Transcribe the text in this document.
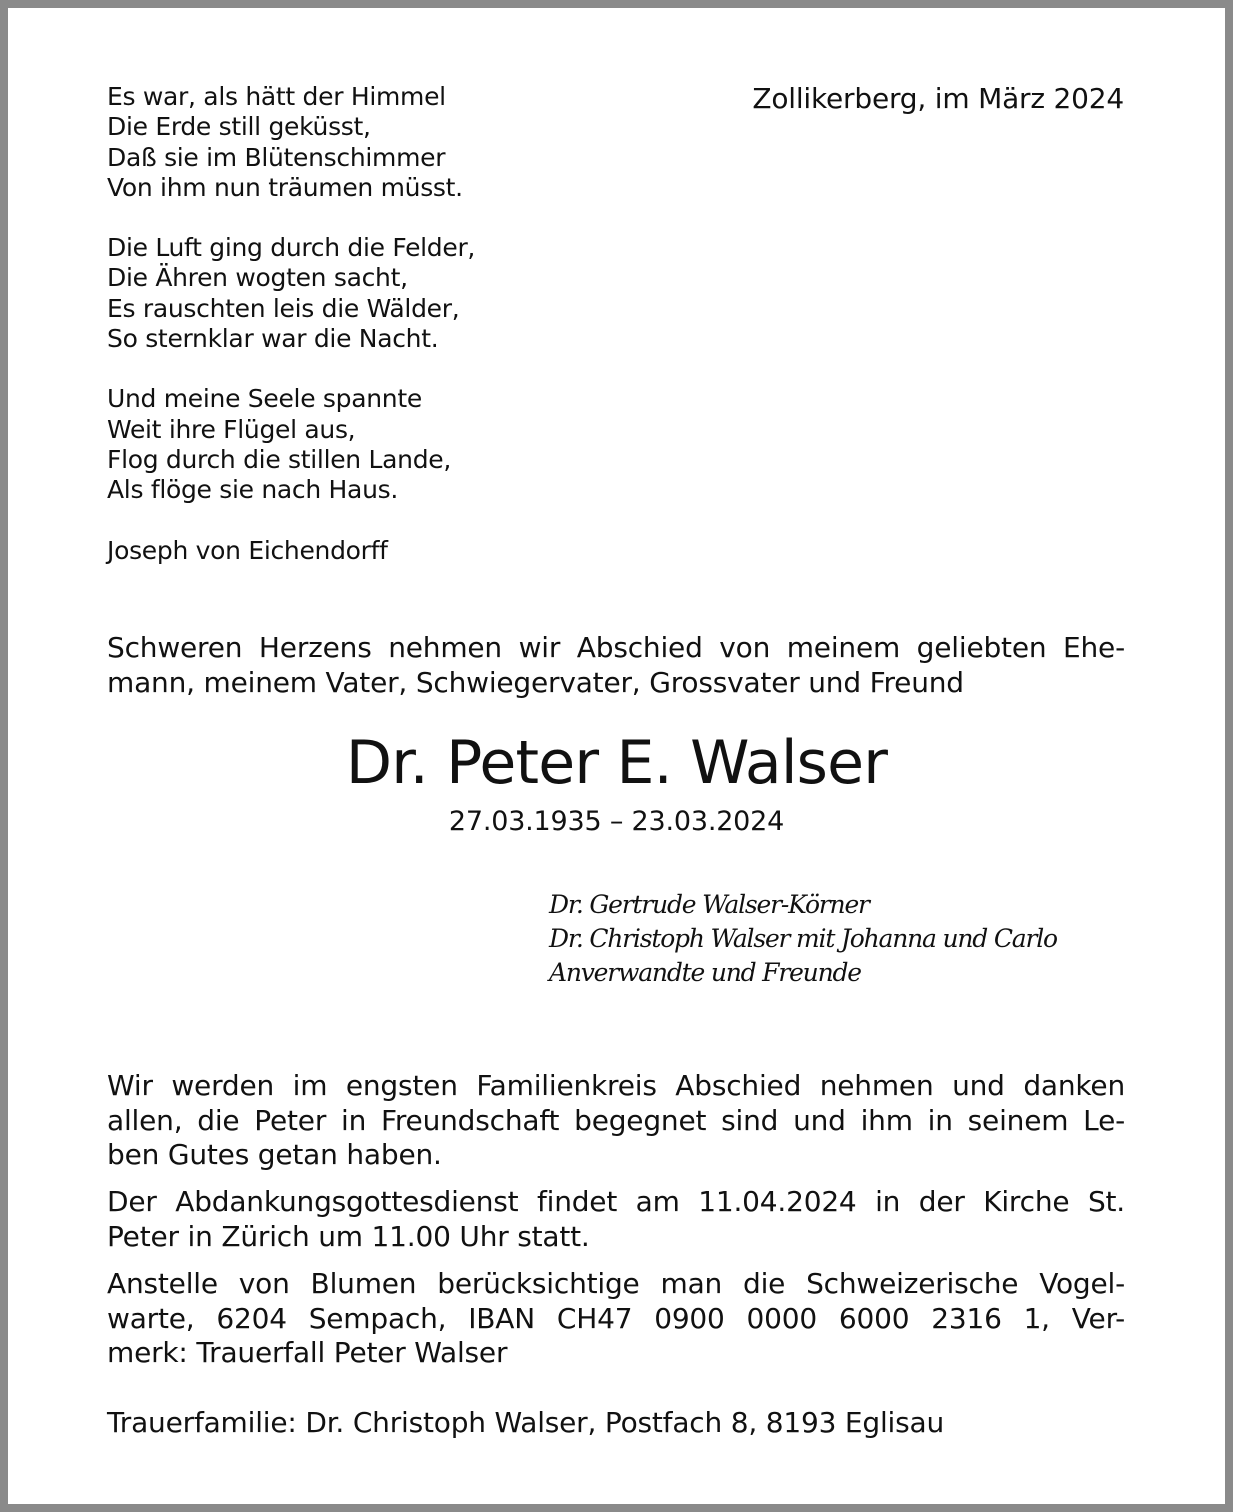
Es war, als hätt der Himmel
Die Erde still geküsst,
Daß sie im Blütenschimmer
Von ihm nun träumen müsst.
Die Luft ging durch die Felder,
Die Ähren wogten sacht,
Es rauschten leis die Wälder,
So sternklar war die Nacht.
Und meine Seele spannte
Weit ihre Flügel aus,
Flog durch die stillen Lande,
Als flöge sie nach Haus.
Joseph von Eichendorff
Zollikerberg, im März 2024
Schweren Herzens nehmen wir Abschied von meinem geliebten Ehe-
mann, meinem Vater, Schwiegervater, Grossvater und Freund
Dr. Peter E. Walser
27.03.1935 – 23.03.2024
Dr. Gertrude Walser-Körner
Dr. Christoph Walser mit Johanna und Carlo
Anverwandte und Freunde
Wir werden im engsten Familienkreis Abschied nehmen und danken
allen, die Peter in Freundschaft begegnet sind und ihm in seinem Le-
ben Gutes getan haben.
Der Abdankungsgottesdienst findet am 11.04.2024 in der Kirche St.
Peter in Zürich um 11.00 Uhr statt.
Anstelle von Blumen berücksichtige man die Schweizerische Vogel-
warte, 6204 Sempach, IBAN CH47 0900 0000 6000 2316 1, Ver-
merk: Trauerfall Peter Walser
Trauerfamilie: Dr. Christoph Walser, Postfach 8, 8193 Eglisau
